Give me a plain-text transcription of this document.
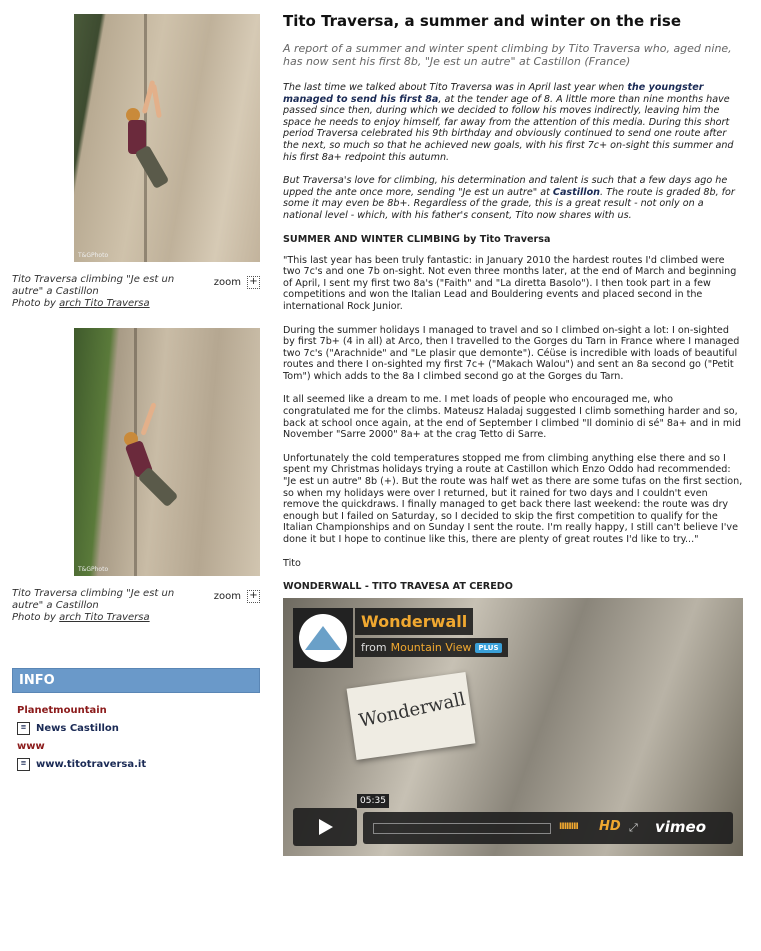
T&GPhoto
Tito Traversa climbing "Je est un autre" a Castillon
Photo by arch Tito Traversa
zoom +
T&GPhoto
Tito Traversa climbing "Je est un autre" a Castillon
Photo by arch Tito Traversa
zoom +
INFO
Planetmountain
≡ News Castillon
www
≡ www.titotraversa.it
Tito Traversa, a summer and winter on the rise

A report of a summer and winter spent climbing by Tito Traversa who, aged nine, has now sent his first 8b, "Je est un autre" at Castillon (France)

The last time we talked about Tito Traversa was in April last year when the youngster managed to send his first 8a, at the tender age of 8. A little more than nine months have passed since then, during which we decided to follow his moves indirectly, leaving him the space he needs to enjoy himself, far away from the attention of this media. During this short period Traversa celebrated his 9th birthday and obviously continued to send one route after the next, so much so that he achieved new goals, with his first 7c+ on-sight this summer and his first 8a+ redpoint this autumn.

But Traversa's love for climbing, his determination and talent is such that a few days ago he upped the ante once more, sending "Je est un autre" at Castillon. The route is graded 8b, for some it may even be 8b+. Regardless of the grade, this is a great result - not only on a national level - which, with his father's consent, Tito now shares with us.

SUMMER AND WINTER CLIMBING by Tito Traversa

"This last year has been truly fantastic: in January 2010 the hardest routes I'd climbed were two 7c's and one 7b on-sight. Not even three months later, at the end of March and beginning of April, I sent my first two 8a's ("Faith" and "La diretta Basolo"). I then took part in a few competitions and won the Italian Lead and Bouldering events and placed second in the international Rock Junior.

During the summer holidays I managed to travel and so I climbed on-sight a lot: I on-sighted by first 7b+ (4 in all) at Arco, then I travelled to the Gorges du Tarn in France where I managed two 7c's ("Arachnide" and "Le plasir que demonte"). Céüse is incredible with loads of beautiful routes and there I on-sighted my first 7c+ ("Makach Walou") and sent an 8a second go ("Petit Tom") which adds to the 8a I climbed second go at the Gorges du Tarn.

It all seemed like a dream to me. I met loads of people who encouraged me, who congratulated me for the climbs. Mateusz Haladaj suggested I climb something harder and so, back at school once again, at the end of September I climbed "Il dominio di sé" 8a+ and in mid November "Sarre 2000" 8a+ at the crag Tetto di Sarre.

Unfortunately the cold temperatures stopped me from climbing anything else there and so I spent my Christmas holidays trying a route at Castillon which Enzo Oddo had recommended: "Je est un autre" 8b (+). But the route was half wet as there are some tufas on the first section, so when my holidays were over I returned, but it rained for two days and I couldn't even remove the quickdraws. I finally managed to get back there last weekend: the route was dry enough but I failed on Saturday, so I decided to skip the first competition to qualify for the Italian Championships and on Sunday I sent the route. I'm really happy, I still can't believe I've done it but I hope to continue like this, there are plenty of great routes I'd like to try..."

Tito

WONDERWALL - TITO TRAVESA AT CEREDO

Wonderwall
Wonderwall
from Mountain View	PLUS
05:35
IIIIIIII HD ⤢ vimeo
